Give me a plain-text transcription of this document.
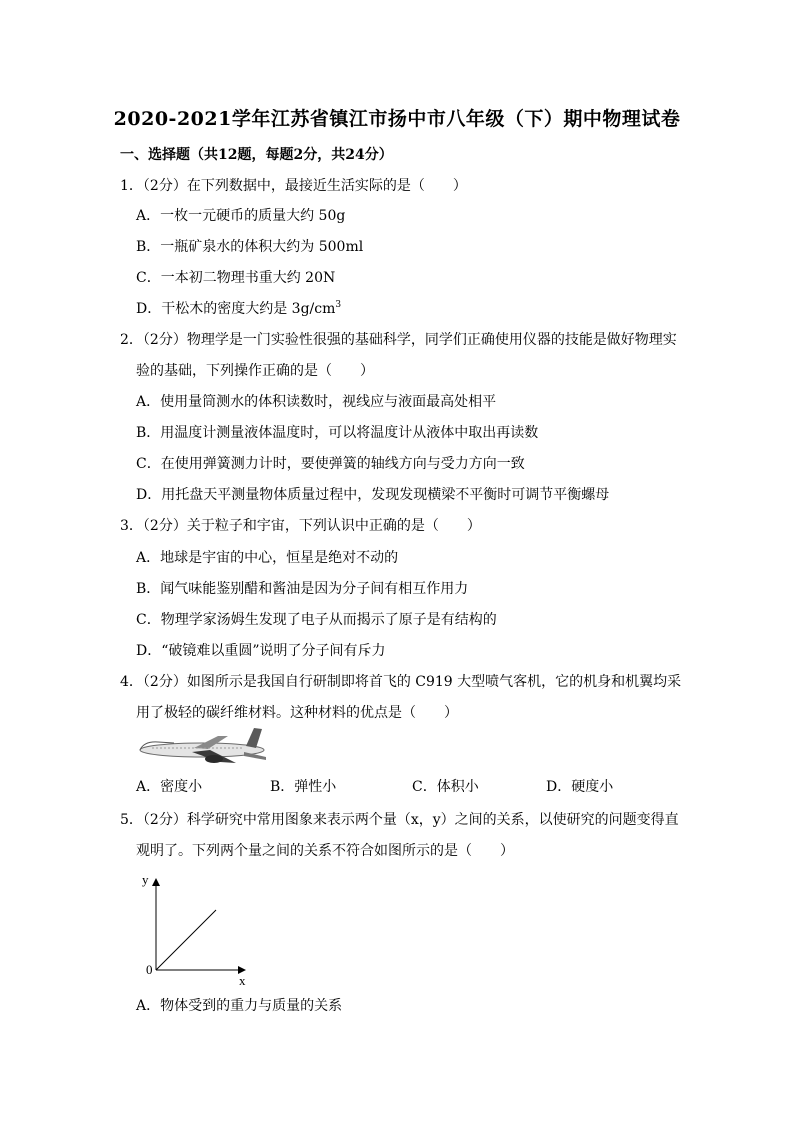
2020-2021学年江苏省镇江市扬中市八年级（下）期中物理试卷
一、选择题（共12题，每题2分，共24分）
1．（2分）在下列数据中，最接近生活实际的是（　　）
A．一枚一元硬币的质量大约 50g
B．一瓶矿泉水的体积大约为 500ml
C．一本初二物理书重大约 20N
D．干松木的密度大约是 $3g/cm^3$
2．（2分）物理学是一门实验性很强的基础科学，同学们正确使用仪器的技能是做好物理实
验的基础，下列操作正确的是（　　）
A．使用量筒测水的体积读数时，视线应与液面最高处相平
B．用温度计测量液体温度时，可以将温度计从液体中取出再读数
C．在使用弹簧测力计时，要使弹簧的轴线方向与受力方向一致
D．用托盘天平测量物体质量过程中，发现发现横梁不平衡时可调节平衡螺母
3．（2分）关于粒子和宇宙，下列认识中正确的是（　　）
A．地球是宇宙的中心，恒星是绝对不动的
B．闻气味能鉴别醋和酱油是因为分子间有相互作用力
C．物理学家汤姆生发现了电子从而揭示了原子是有结构的
D．“破镜难以重圆”说明了分子间有斥力
4．（2分）如图所示是我国自行研制即将首飞的 C919 大型喷气客机，它的机身和机翼均采
用了极轻的碳纤维材料。这种材料的优点是（　　）
A．密度小	B．弹性小	C．体积小	D．硬度小
5．（2分）科学研究中常用图象来表示两个量（x，y）之间的关系，以使研究的问题变得直
观明了。下列两个量之间的关系不符合如图所示的是（　　）
y
0
x
A．物体受到的重力与质量的关系
